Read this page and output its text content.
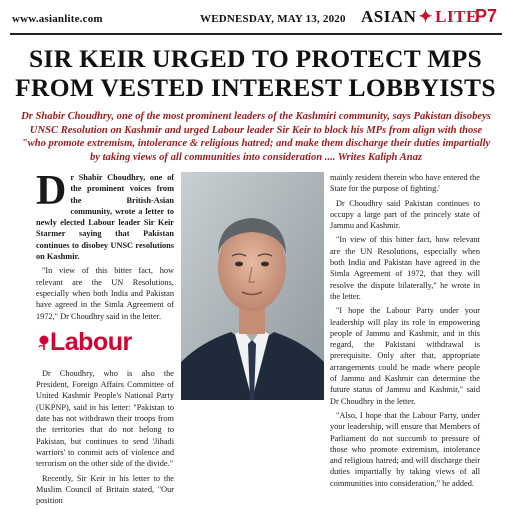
www.asianlite.com	WEDNESDAY, MAY 13, 2020 ASIAN ✦ LITE
P7
SIR KEIR URGED TO PROTECT MPS
FROM VESTED INTEREST LOBBYISTS

Dr Shabir Choudhry, one of the most prominent leaders of the Kashmiri community, says Pakistan disobeys UNSC Resolution on Kashmir and urged Labour leader Sir Keir to block his MPs from align with those "who promote extremism, intolerance & religious hatred; and make them discharge their duties impartially by taking views of all communities into consideration .... Writes Kaliph Anaz

D r Shabir Choudhry, one of the prominent voices from the British-Asian community, wrote a letter to newly elected Labour leader Sir Keir Starmer saying that Pakistan continues to disobey UNSC resolutions on Kashmir.

"In view of this bitter fact, how relevant are the UN Resolutions, especially when both India and Pakistan have agreed in the Simla Agreement of 1972," Dr Choudhry said in the letter.

Labour

Dr Choudhry, who is also the President, Foreign Affairs Committee of United Kashmir People's National Party (UKPNP), said in his letter: "Pakistan to date has not withdrawn their troops from the territories that do not belong to Pakistan, but continues to send 'Jihadi warriors' to commit acts of violence and terrorism on the other side of the divide."

Recently, Sir Keir in his letter to the Muslim Council of Britain stated, "Our position

mainly resident therein who have entered the State for the purpose of fighting.'

Dr Choudhry said Pakistan continues to occupy a large part of the princely state of Jammu and Kashmir.

"In view of this bitter fact, how relevant are the UN Resolutions, especially when both India and Pakistan have agreed in the Simla Agreement of 1972, that they will resolve the dispute bilaterally," he wrote in the letter.

"I hope the Labour Party under your leadership will play its role in empowering people of Jammu and Kashmir, and in this regard, the Pakistani withdrawal is prerequisite. Only after that, appropriate arrangements could be made where people of Jammu and Kashmir can determine the future status of Jammu and Kashmir," said Dr Choudhry in the letter.

"Also, I hope that the Labour Party, under your leadership, will ensure that Members of Parliament do not succumb to pressure of those who promote extremism, intolerance and religious hatred; and will discharge their duties impartially by taking views of all communities into consideration," he added.
